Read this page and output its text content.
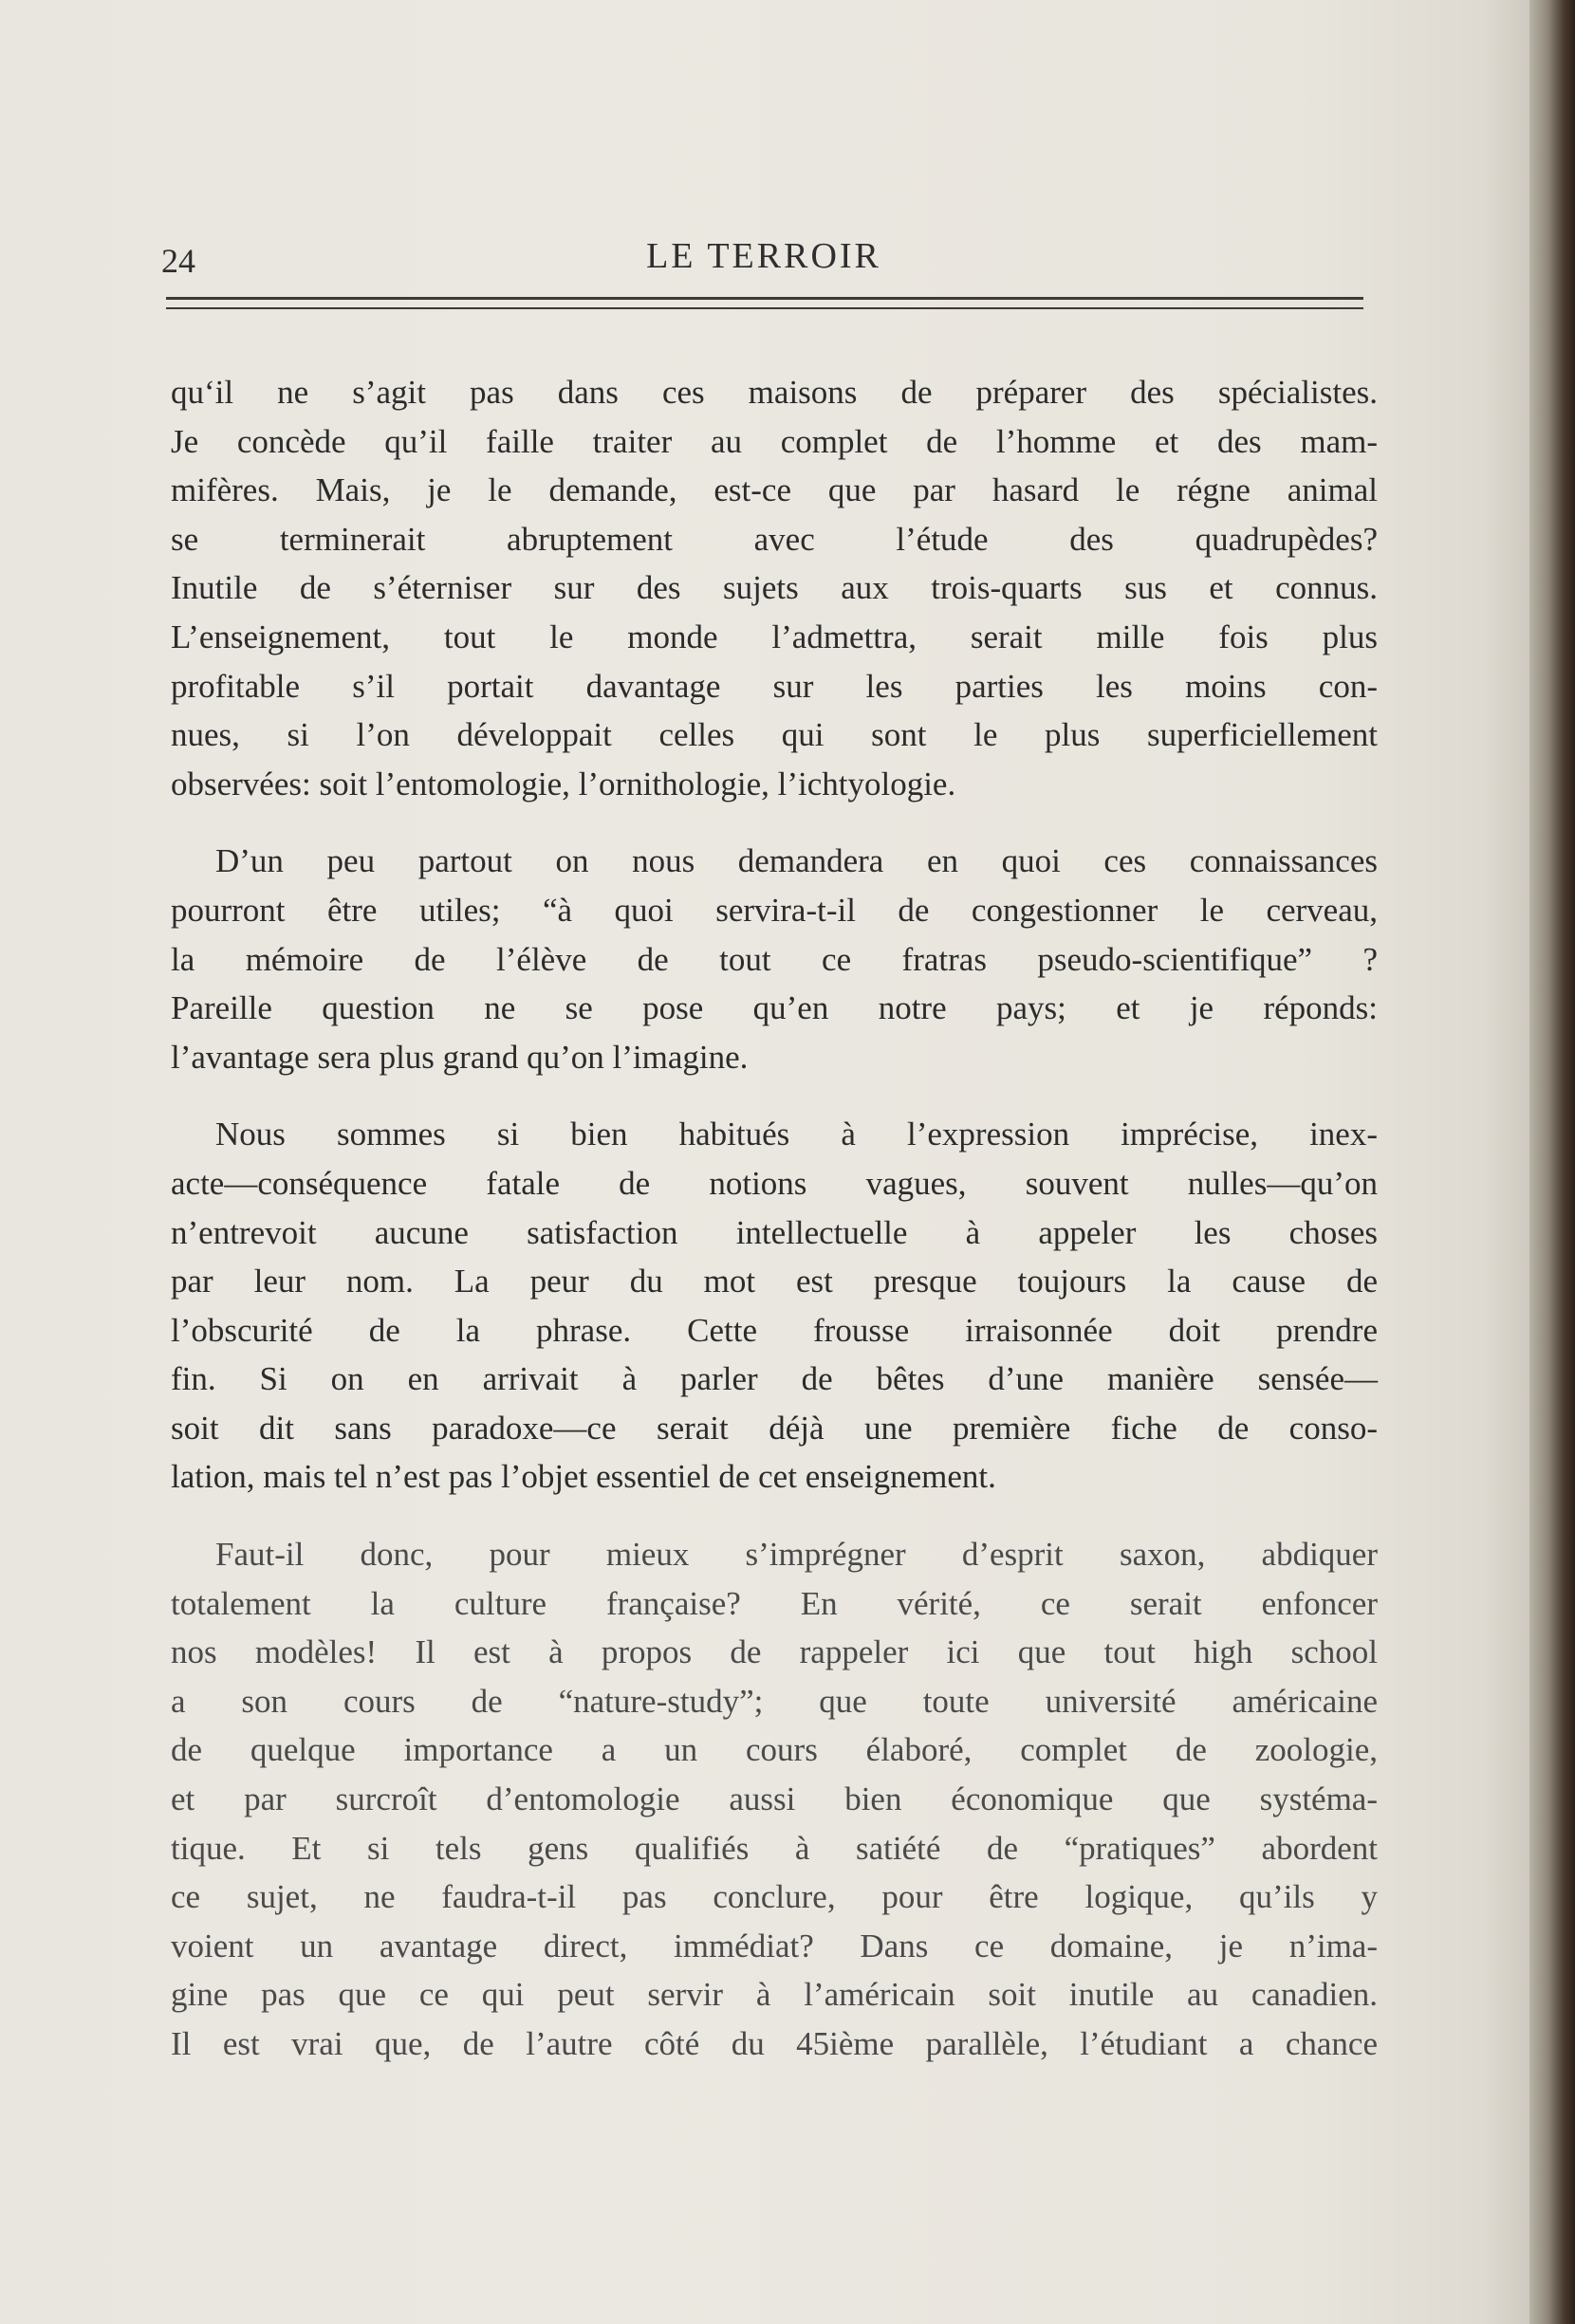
24	LE TERROIR
qu‘il ne s’agit pas dans ces maisons de préparer des spécialistes.
Je concède qu’il faille traiter au complet de l’homme et des mam-
mifères. Mais, je le demande, est-ce que par hasard le régne animal
se terminerait abruptement avec l’étude des quadrupèdes?
Inutile de s’éterniser sur des sujets aux trois-quarts sus et connus.
L’enseignement, tout le monde l’admettra, serait mille fois plus
profitable s’il portait davantage sur les parties les moins con-
nues, si l’on développait celles qui sont le plus superficiellement
observées: soit l’entomologie, l’ornithologie, l’ichtyologie.
D’un peu partout on nous demandera en quoi ces connaissances
pourront être utiles; “à quoi servira-t-il de congestionner le cerveau,
la mémoire de l’élève de tout ce fratras pseudo-scientifique” ?
Pareille question ne se pose qu’en notre pays; et je réponds:
l’avantage sera plus grand qu’on l’imagine.
Nous sommes si bien habitués à l’expression imprécise, inex-
acte—conséquence fatale de notions vagues, souvent nulles—qu’on
n’entrevoit aucune satisfaction intellectuelle à appeler les choses
par leur nom. La peur du mot est presque toujours la cause de
l’obscurité de la phrase. Cette frousse irraisonnée doit prendre
fin. Si on en arrivait à parler de bêtes d’une manière sensée—
soit dit sans paradoxe—ce serait déjà une première fiche de conso-
lation, mais tel n’est pas l’objet essentiel de cet enseignement.
Faut-il donc, pour mieux s’imprégner d’esprit saxon, abdiquer
totalement la culture française? En vérité, ce serait enfoncer
nos modèles! Il est à propos de rappeler ici que tout high school
a son cours de “nature-study”; que toute université américaine
de quelque importance a un cours élaboré, complet de zoologie,
et par surcroît d’entomologie aussi bien économique que systéma-
tique. Et si tels gens qualifiés à satiété de “pratiques” abordent
ce sujet, ne faudra-t-il pas conclure, pour être logique, qu’ils y
voient un avantage direct, immédiat? Dans ce domaine, je n’ima-
gine pas que ce qui peut servir à l’américain soit inutile au canadien.
Il est vrai que, de l’autre côté du 45ième parallèle, l’étudiant a chance
